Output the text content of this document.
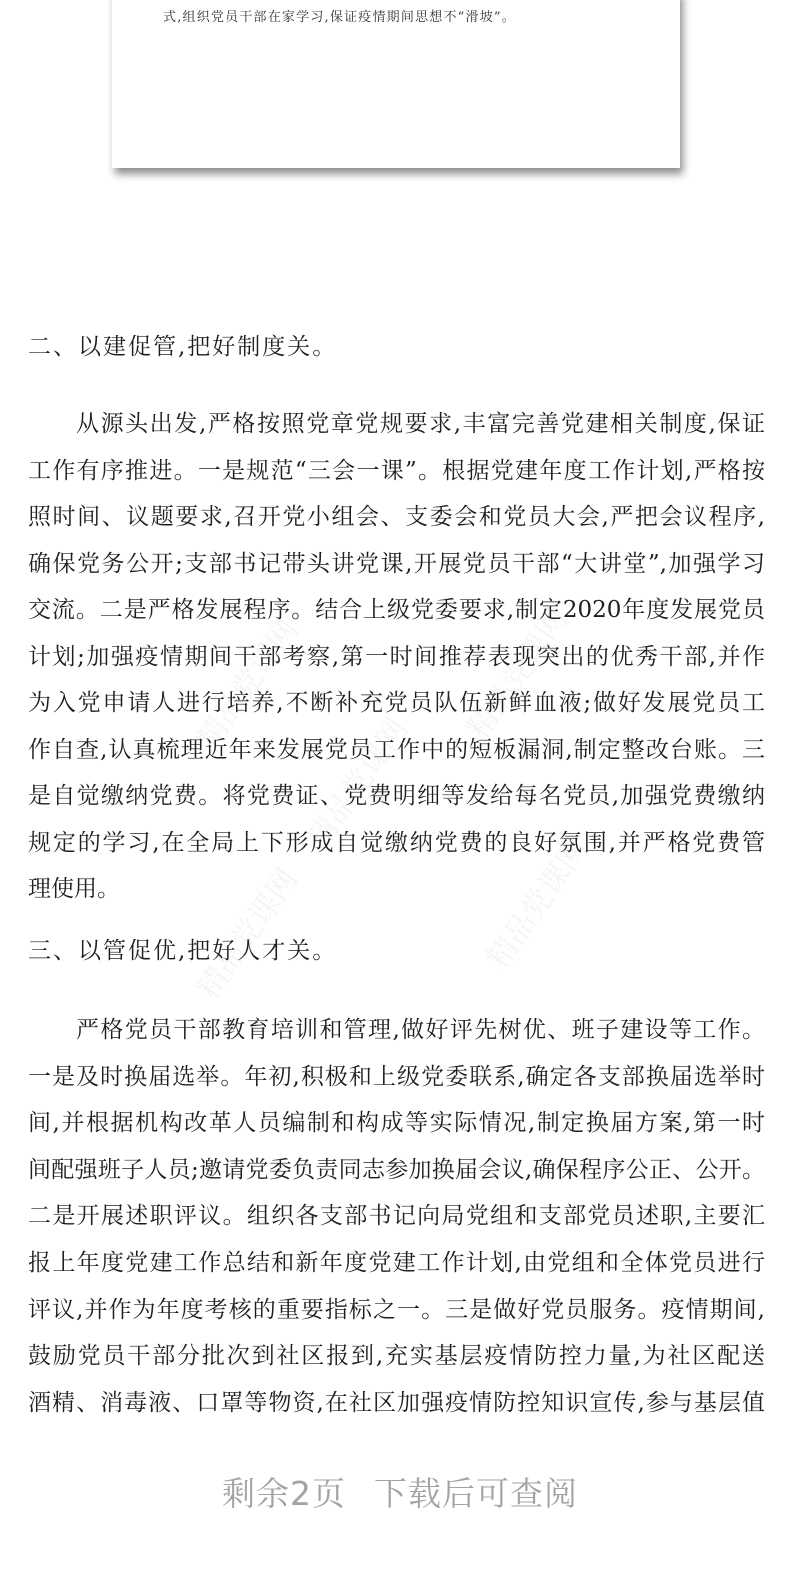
式,组织党员干部在家学习,保证疫情期间思想不“滑坡”。
二、以建促管,把好制度关。
从源头出发,严格按照党章党规要求,丰富完善党建相关制度,保证
工作有序推进。一是规范“三会一课”。根据党建年度工作计划,严格按
照时间、议题要求,召开党小组会、支委会和党员大会,严把会议程序,
确保党务公开;支部书记带头讲党课,开展党员干部“大讲堂”,加强学习
交流。二是严格发展程序。结合上级党委要求,制定2020年度发展党员
计划;加强疫情期间干部考察,第一时间推荐表现突出的优秀干部,并作
为入党申请人进行培养,不断补充党员队伍新鲜血液;做好发展党员工
作自查,认真梳理近年来发展党员工作中的短板漏洞,制定整改台账。三
是自觉缴纳党费。将党费证、党费明细等发给每名党员,加强党费缴纳
规定的学习,在全局上下形成自觉缴纳党费的良好氛围,并严格党费管
理使用。
三、以管促优,把好人才关。
严格党员干部教育培训和管理,做好评先树优、班子建设等工作。
一是及时换届选举。年初,积极和上级党委联系,确定各支部换届选举时
间,并根据机构改革人员编制和构成等实际情况,制定换届方案,第一时
间配强班子人员;邀请党委负责同志参加换届会议,确保程序公正、公开。
二是开展述职评议。组织各支部书记向局党组和支部党员述职,主要汇
报上年度党建工作总结和新年度党建工作计划,由党组和全体党员进行
评议,并作为年度考核的重要指标之一。三是做好党员服务。疫情期间,
鼓励党员干部分批次到社区报到,充实基层疫情防控力量,为社区配送
酒精、消毒液、口罩等物资,在社区加强疫情防控知识宣传,参与基层值
剩余2页 下载后可查阅
